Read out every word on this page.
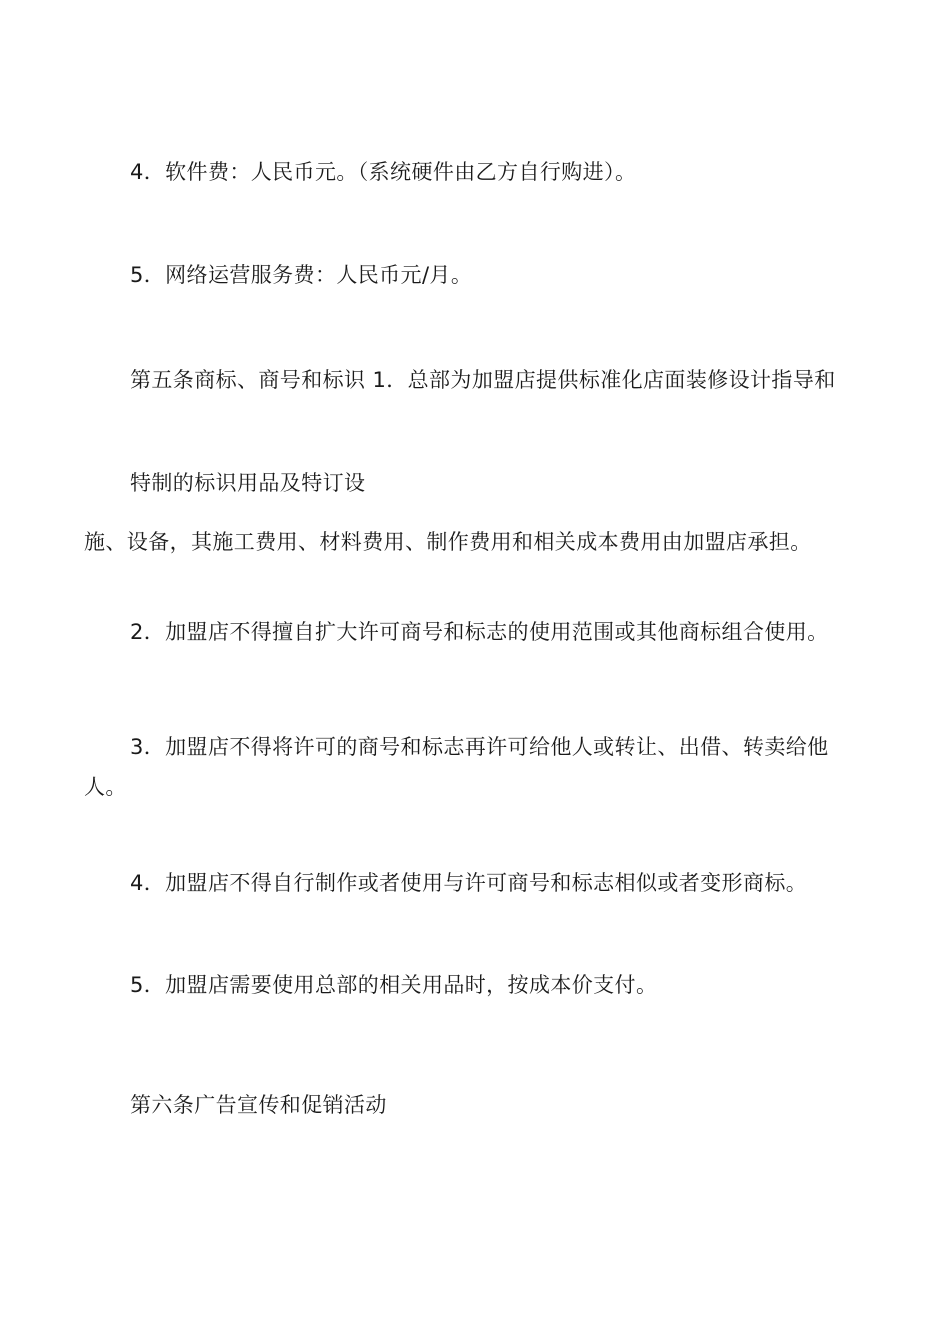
4．软件费：人民币元。（系统硬件由乙方自行购进）。
5．网络运营服务费：人民币元/月。
第五条商标、商号和标识 1．总部为加盟店提供标准化店面装修设计指导和
特制的标识用品及特订设
施、设备，其施工费用、材料费用、制作费用和相关成本费用由加盟店承担。
2．加盟店不得擅自扩大许可商号和标志的使用范围或其他商标组合使用。
3．加盟店不得将许可的商号和标志再许可给他人或转让、出借、转卖给他
人。
4．加盟店不得自行制作或者使用与许可商号和标志相似或者变形商标。
5．加盟店需要使用总部的相关用品时，按成本价支付。
第六条广告宣传和促销活动
